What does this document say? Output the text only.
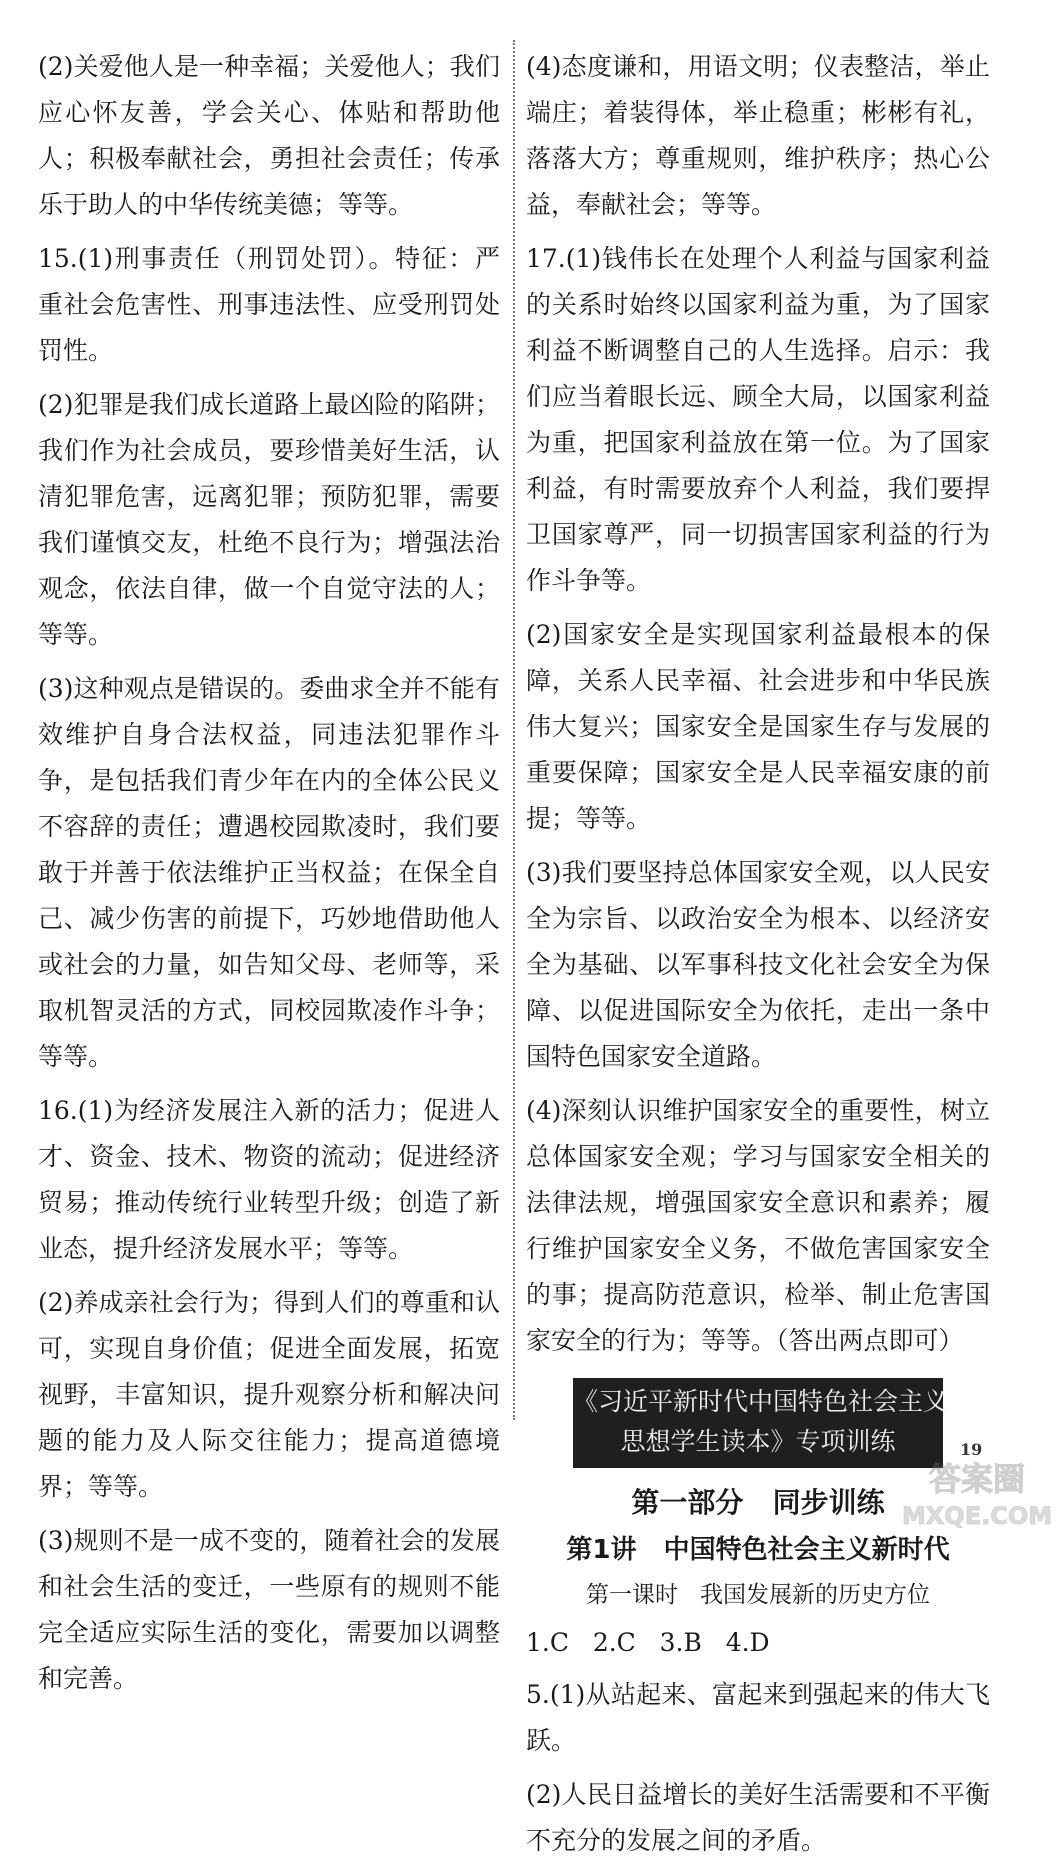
(2)关爱他人是一种幸福；关爱他人；我们应心怀友善，学会关心、体贴和帮助他人；积极奉献社会，勇担社会责任；传承乐于助人的中华传统美德；等等。

15.(1)刑事责任（刑罚处罚）。特征：严重社会危害性、刑事违法性、应受刑罚处罚性。

(2)犯罪是我们成长道路上最凶险的陷阱；我们作为社会成员，要珍惜美好生活，认清犯罪危害，远离犯罪；预防犯罪，需要我们谨慎交友，杜绝不良行为；增强法治观念，依法自律，做一个自觉守法的人；等等。

(3)这种观点是错误的。委曲求全并不能有效维护自身合法权益，同违法犯罪作斗争，是包括我们青少年在内的全体公民义不容辞的责任；遭遇校园欺凌时，我们要敢于并善于依法维护正当权益；在保全自己、减少伤害的前提下，巧妙地借助他人或社会的力量，如告知父母、老师等，采取机智灵活的方式，同校园欺凌作斗争；等等。

16.(1)为经济发展注入新的活力；促进人才、资金、技术、物资的流动；促进经济贸易；推动传统行业转型升级；创造了新业态，提升经济发展水平；等等。

(2)养成亲社会行为；得到人们的尊重和认可，实现自身价值；促进全面发展，拓宽视野，丰富知识，提升观察分析和解决问题的能力及人际交往能力；提高道德境界；等等。

(3)规则不是一成不变的，随着社会的发展和社会生活的变迁，一些原有的规则不能完全适应实际生活的变化，需要加以调整和完善。

(4)态度谦和，用语文明；仪表整洁，举止端庄；着装得体，举止稳重；彬彬有礼，落落大方；尊重规则，维护秩序；热心公益，奉献社会；等等。

17.(1)钱伟长在处理个人利益与国家利益的关系时始终以国家利益为重，为了国家利益不断调整自己的人生选择。启示：我们应当着眼长远、顾全大局，以国家利益为重，把国家利益放在第一位。为了国家利益，有时需要放弃个人利益，我们要捍卫国家尊严，同一切损害国家利益的行为作斗争等。

(2)国家安全是实现国家利益最根本的保障，关系人民幸福、社会进步和中华民族伟大复兴；国家安全是国家生存与发展的重要保障；国家安全是人民幸福安康的前提；等等。

(3)我们要坚持总体国家安全观，以人民安全为宗旨、以政治安全为根本、以经济安全为基础、以军事科技文化社会安全为保障、以促进国际安全为依托，走出一条中国特色国家安全道路。

(4)深刻认识维护国家安全的重要性，树立总体国家安全观；学习与国家安全相关的法律法规，增强国家安全意识和素养；履行维护国家安全义务，不做危害国家安全的事；提高防范意识，检举、制止危害国家安全的行为；等等。（答出两点即可）

《习近平新时代中国特色社会主义
思想学生读本》专项训练
第一部分   同步训练
第1讲   中国特色社会主义新时代
第一课时   我国发展新的历史方位
1.C   2.C   3.B   4.D

5.(1)从站起来、富起来到强起来的伟大飞跃。

(2)人民日益增长的美好生活需要和不平衡不充分的发展之间的矛盾。

19
答案圈
MXQE.COM
